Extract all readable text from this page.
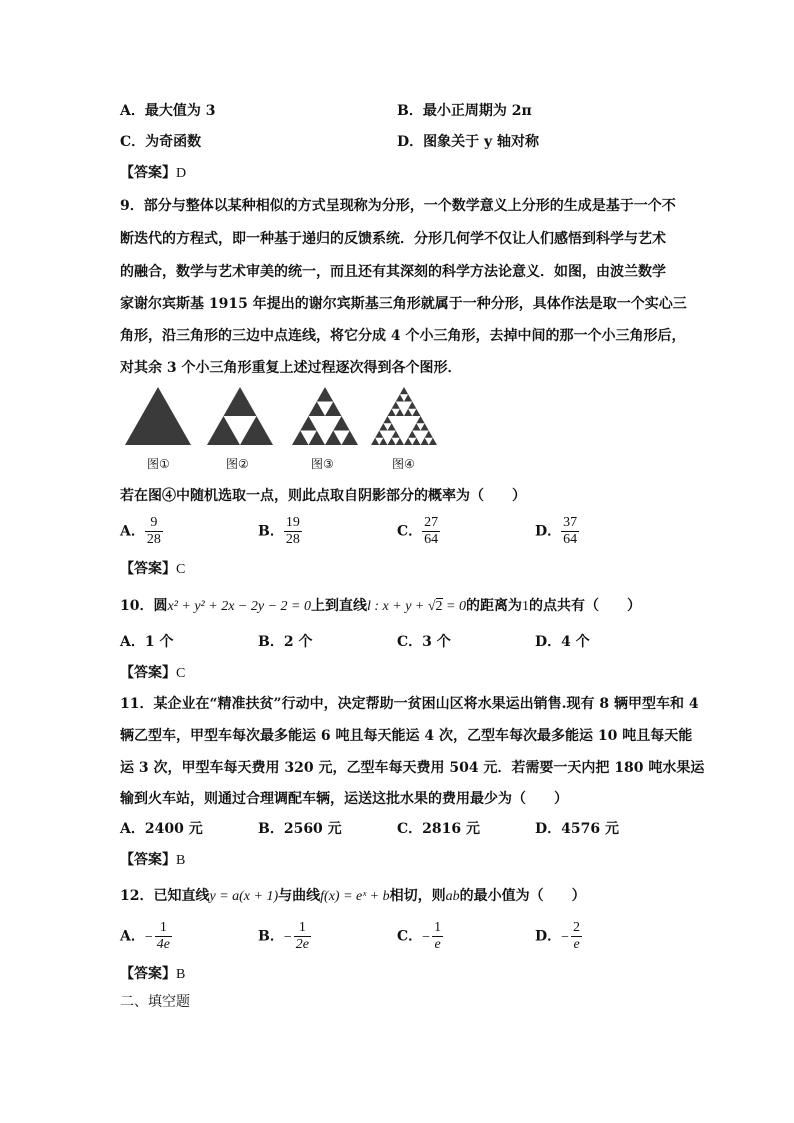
A．最大值为 3	B．最小正周期为 2π
C．为奇函数	D．图象关于 y 轴对称
【答案】D
9．部分与整体以某种相似的方式呈现称为分形，一个数学意义上分形的生成是基于一个不
断迭代的方程式，即一种基于递归的反馈系统．分形几何学不仅让人们感悟到科学与艺术
的融合，数学与艺术审美的统一，而且还有其深刻的科学方法论意义．如图，由波兰数学
家谢尔宾斯基 1915 年提出的谢尔宾斯基三角形就属于一种分形，具体作法是取一个实心三
角形，沿三角形的三边中点连线，将它分成 4 个小三角形，去掉中间的那一个小三角形后，
对其余 3 个小三角形重复上述过程逐次得到各个图形．
图①	图②	图③	图④
若在图④中随机选取一点，则此点取自阴影部分的概率为（　　）
A． $\frac{9}{28}$	B． $\frac{19}{28}$	C． $\frac{27}{64}$	D． $\frac{37}{64}$
【答案】C
10．圆x² + y² + 2x − 2y − 2 = 0上到直线l : x + y + √2 = 0的距离为1的点共有（　　）
A．1 个	B．2 个	C．3 个	D．4 个
【答案】C
11．某企业在“精准扶贫”行动中，决定帮助一贫困山区将水果运出销售.现有 8 辆甲型车和 4
辆乙型车，甲型车每次最多能运 6 吨且每天能运 4 次，乙型车每次最多能运 10 吨且每天能
运 3 次，甲型车每天费用 320 元，乙型车每天费用 504 元．若需要一天内把 180 吨水果运
输到火车站，则通过合理调配车辆，运送这批水果的费用最少为（　　）
A．2400 元	B．2560 元	C．2816 元	D．4576 元
【答案】B
12．已知直线y = a(x + 1)与曲线f(x) = eˣ + b相切，则ab的最小值为（　　）
A．− $\frac{1}{4e}$	B．− $\frac{1}{2e}$	C．− $\frac{1}{e}$	D．− $\frac{2}{e}$
【答案】B
二、填空题
